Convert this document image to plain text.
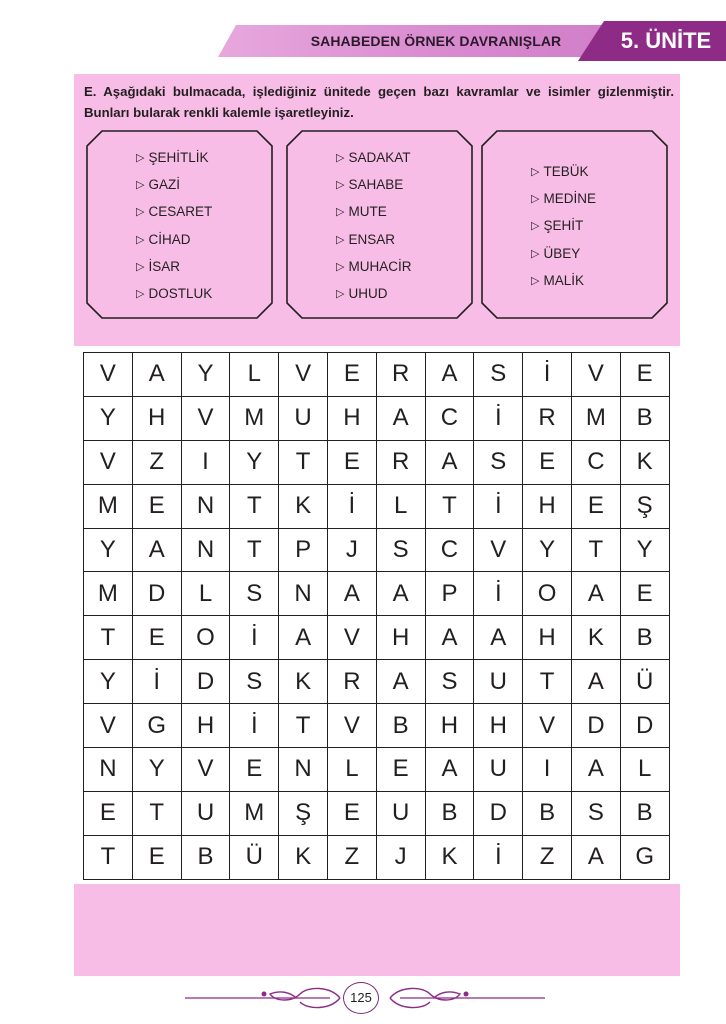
SAHABEDEN ÖRNEK DAVRANIŞLAR	5. ÜNİTE

E. Aşağıdaki bulmacada, işlediğiniz ünitede geçen bazı kavramlar ve isimler gizlenmiştir. Bunları bularak renkli kalemle işaretleyiniz.

▷ ŞEHİTLİK
▷ GAZİ
▷ CESARET
▷ CİHAD
▷ İSAR
▷ DOSTLUK
▷ SADAKAT
▷ SAHABE
▷ MUTE
▷ ENSAR
▷ MUHACİR
▷ UHUD
▷ TEBÜK
▷ MEDİNE
▷ ŞEHİT
▷ ÜBEY
▷ MALİK
V	A	Y	L	V	E	R	A	S	İ	V	E
Y	H	V	M	U	H	A	C	İ	R	M	B
V	Z	I	Y	T	E	R	A	S	E	C	K
M	E	N	T	K	İ	L	T	İ	H	E	Ş
Y	A	N	T	P	J	S	C	V	Y	T	Y
M	D	L	S	N	A	A	P	İ	O	A	E
T	E	O	İ	A	V	H	A	A	H	K	B
Y	İ	D	S	K	R	A	S	U	T	A	Ü
V	G	H	İ	T	V	B	H	H	V	D	D
N	Y	V	E	N	L	E	A	U	I	A	L
E	T	U	M	Ş	E	U	B	D	B	S	B
T	E	B	Ü	K	Z	J	K	İ	Z	A	G
125
